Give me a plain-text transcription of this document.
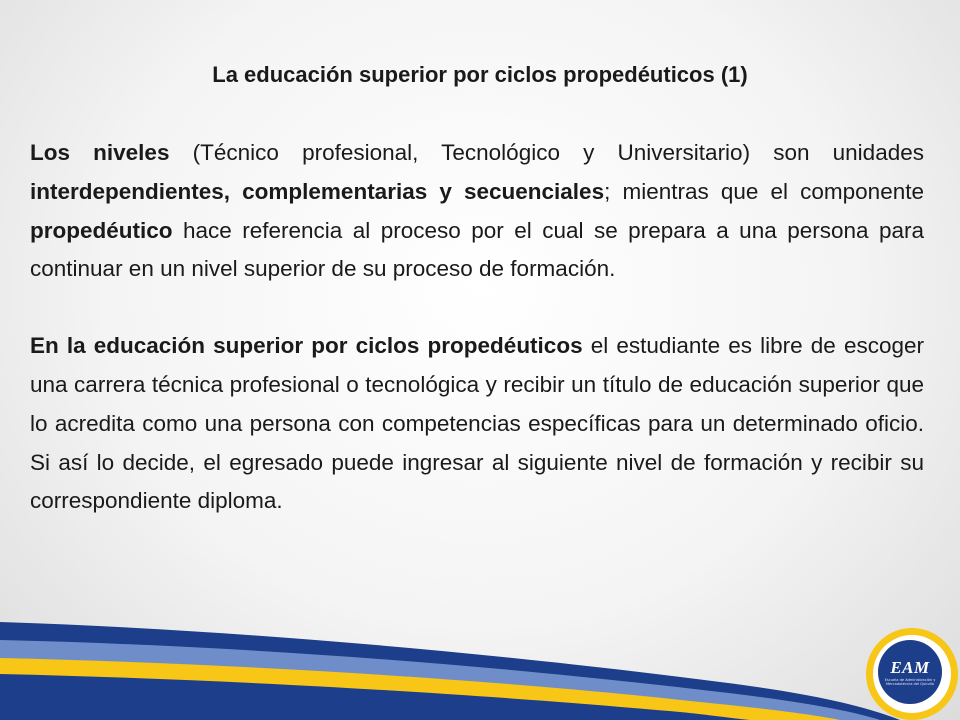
La educación superior por ciclos propedéuticos (1)

Los niveles (Técnico profesional, Tecnológico y Universitario) son unidades interdependientes, complementarias y secuenciales; mientras que el componente propedéutico hace referencia al proceso por el cual se prepara a una persona para continuar en un nivel superior de su proceso de formación.

En la educación superior por ciclos propedéuticos el estudiante es libre de escoger una carrera técnica profesional o tecnológica y recibir un título de educación superior que lo acredita como una persona con competencias específicas para un determinado oficio. Si así lo decide, el egresado puede ingresar al siguiente nivel de formación y recibir su correspondiente diploma.

EAM
Escuela de Administración y Mercadotecnia del Quindío
